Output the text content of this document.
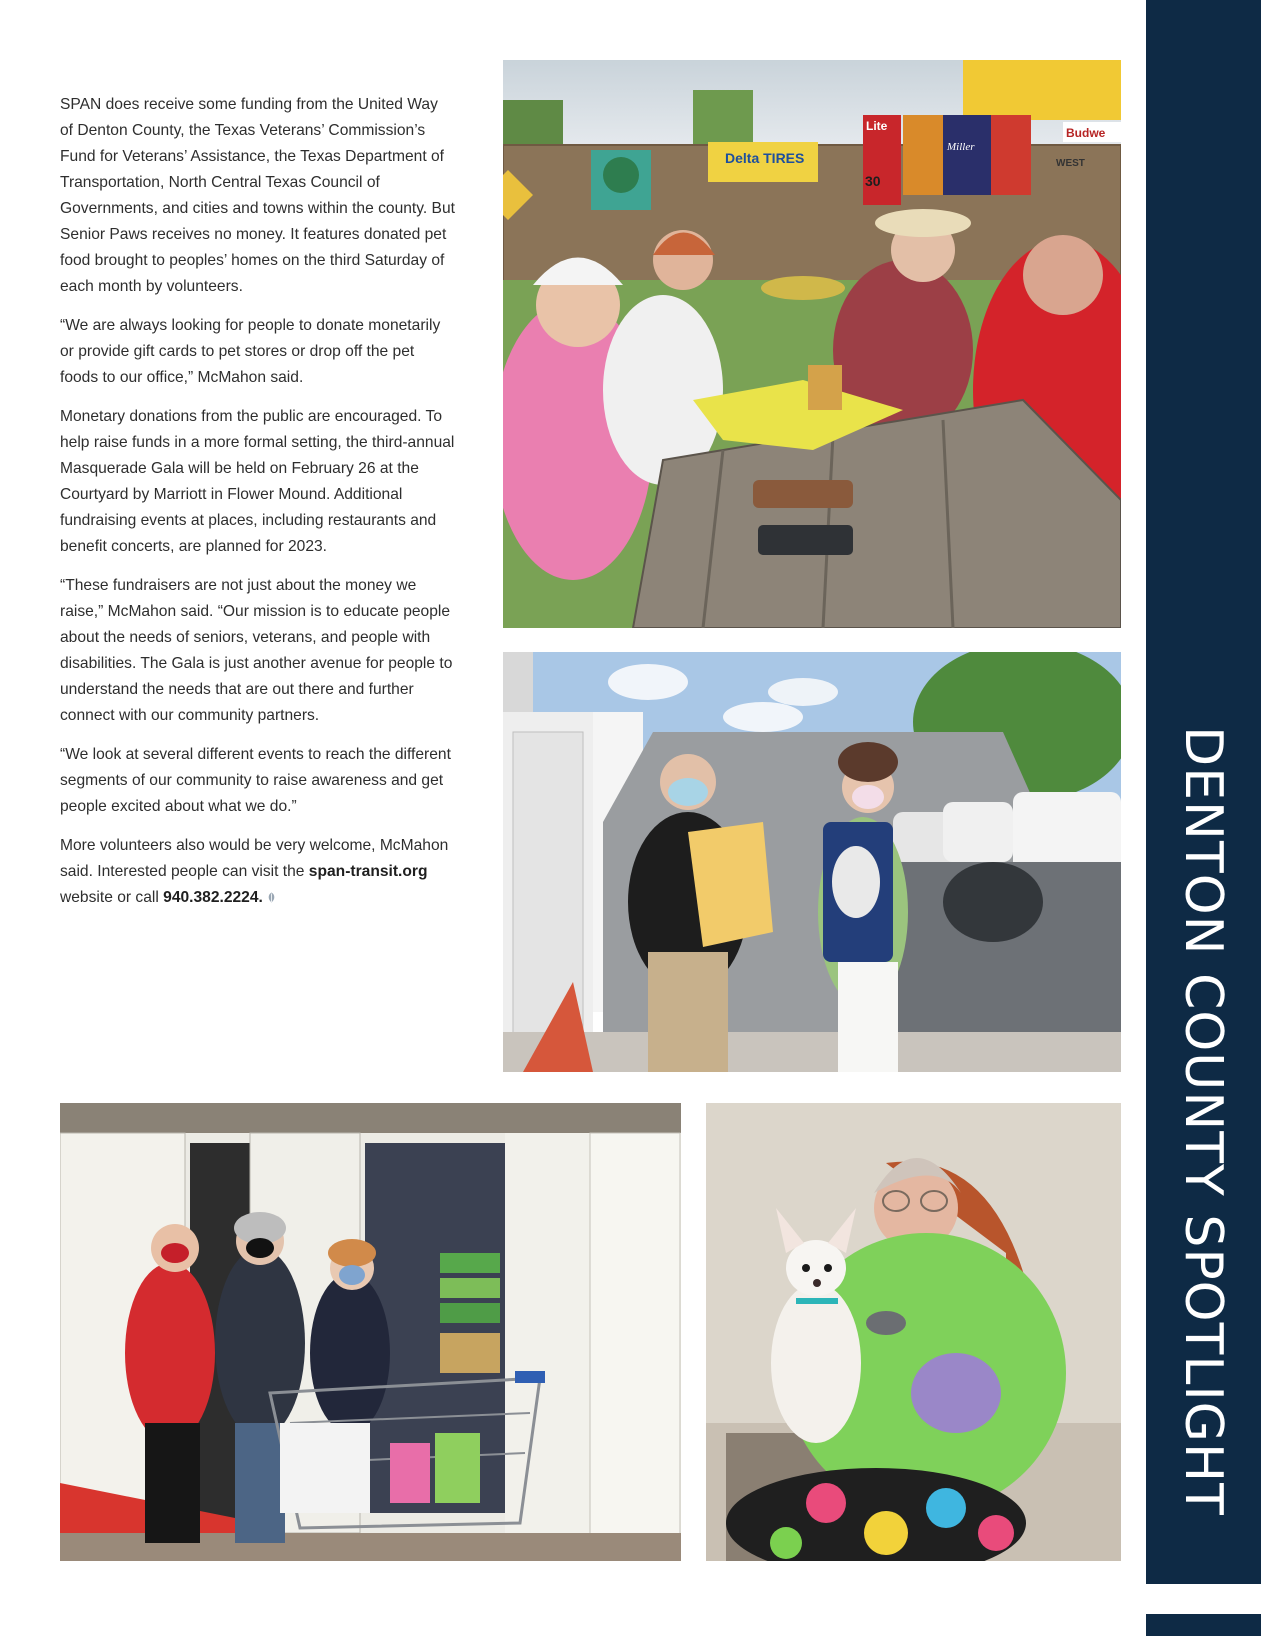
SPAN does receive some funding from the United Way of Denton County, the Texas Veterans’ Commission’s Fund for Veterans’ Assistance, the Texas Department of Transportation, North Central Texas Council of Governments, and cities and towns within the county. But Senior Paws receives no money. It features donated pet food brought to peoples’ homes on the third Saturday of each month by volunteers.

“We are always looking for people to donate monetarily or provide gift cards to pet stores or drop off the pet foods to our office,” McMahon said.

Monetary donations from the public are encouraged. To help raise funds in a more formal setting, the third-annual Masquerade Gala will be held on February 26 at the Courtyard by Marriott in Flower Mound. Additional fundraising events at places, including restaurants and benefit concerts, are planned for 2023.

“These fundraisers are not just about the money we raise,” McMahon said. “Our mission is to educate people about the needs of seniors, veterans, and people with disabilities. The Gala is just another avenue for people to understand the needs that are out there and further connect with our community partners.

“We look at several different events to reach the different segments of our community to raise awareness and get people excited about what we do.”

More volunteers also would be very welcome, McMahon said. Interested people can visit the span-transit.org website or call 940.382.2224.

Delta TIRES
Lite
30
Miller
Budwe
WEST
DENTON COUNTY SPOTLIGHT
